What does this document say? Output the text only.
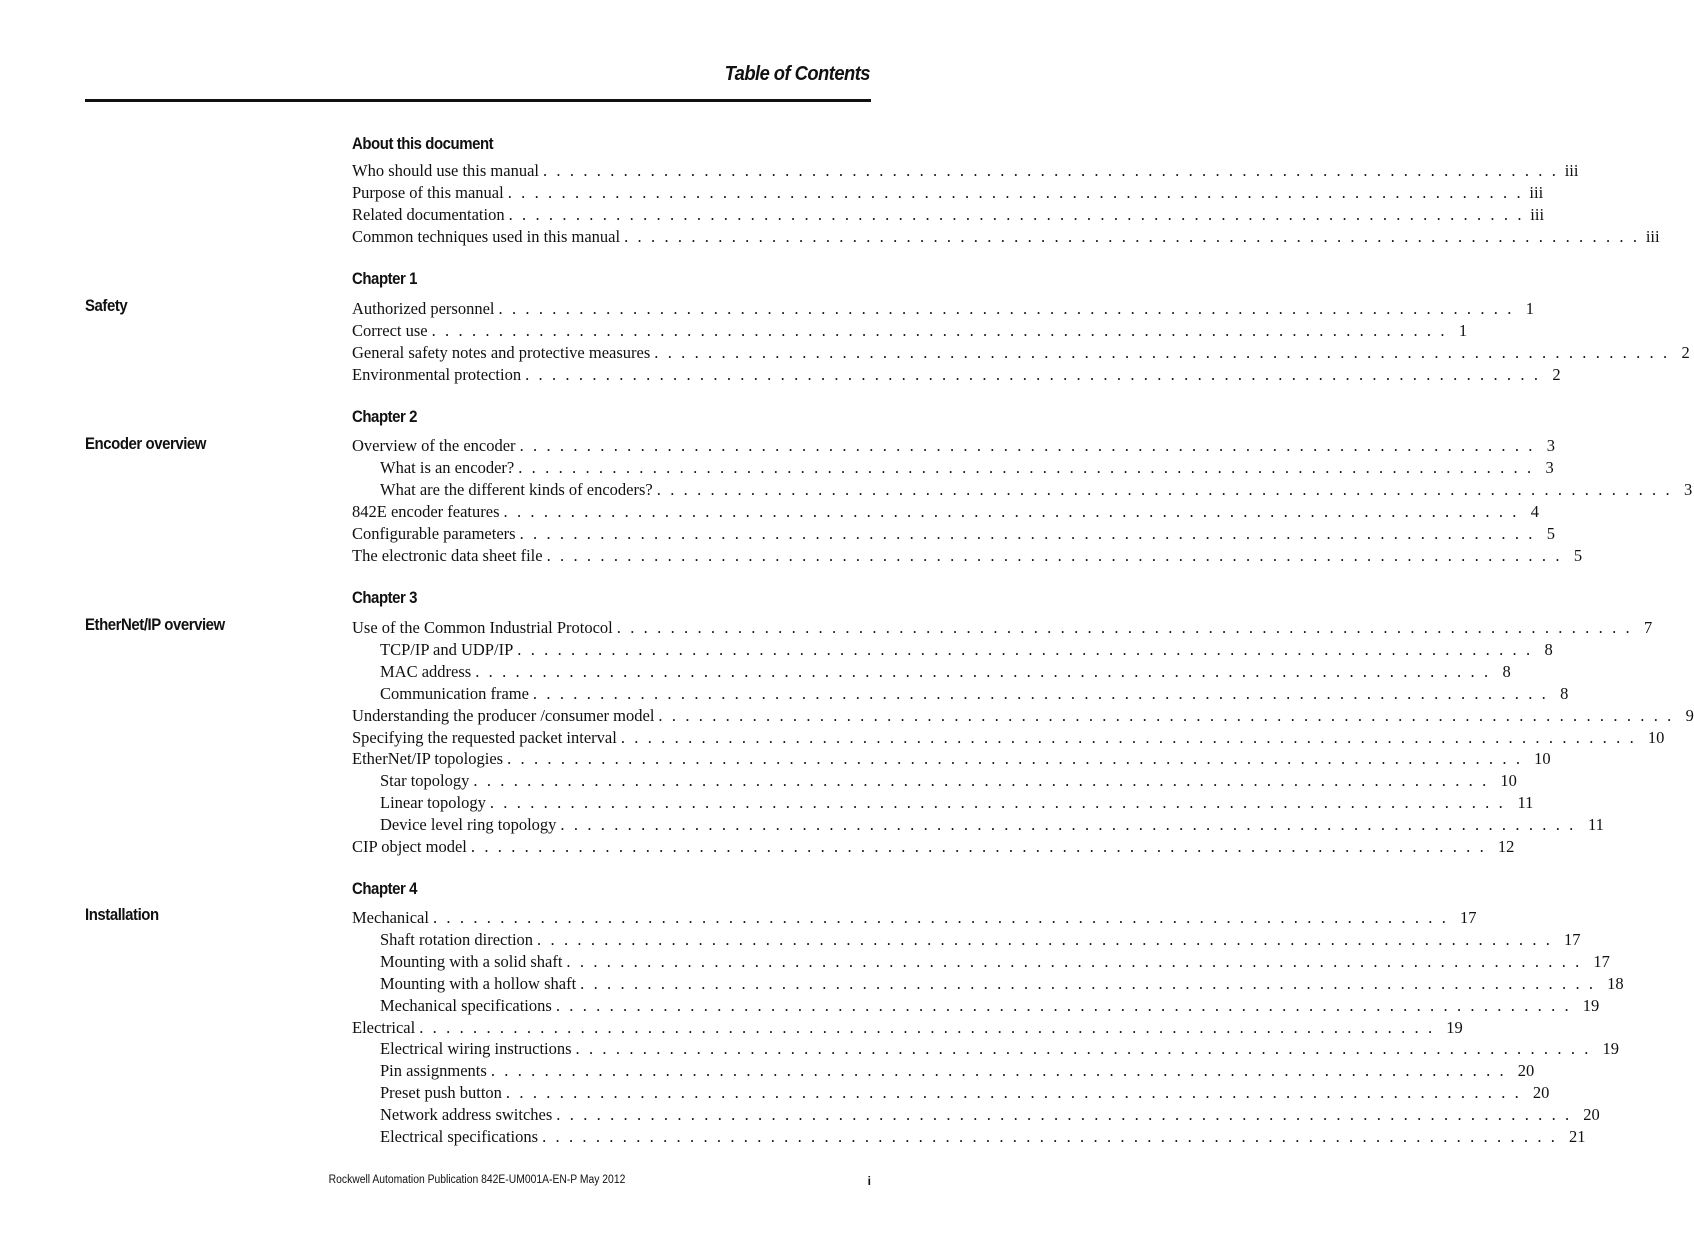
Table of Contents
About this document
Who should use this manual . . . . . . . . . . . . . . . . . . . . . . . . . . . . . . . . . . . . . . . . . . . . . . . . . . . . . . . . . . . . . . . . . . . . . . . . . . . . iii
Purpose of this manual . . . . . . . . . . . . . . . . . . . . . . . . . . . . . . . . . . . . . . . . . . . . . . . . . . . . . . . . . . . . . . . . . . . . . . . . . . . . iii
Related documentation . . . . . . . . . . . . . . . . . . . . . . . . . . . . . . . . . . . . . . . . . . . . . . . . . . . . . . . . . . . . . . . . . . . . . . . . . . . . iii
Common techniques used in this manual . . . . . . . . . . . . . . . . . . . . . . . . . . . . . . . . . . . . . . . . . . . . . . . . . . . . . . . . . . . . . . . . . . . . . . . . . . . . iii
Chapter 1
Safety	Authorized personnel . . . . . . . . . . . . . . . . . . . . . . . . . . . . . . . . . . . . . . . . . . . . . . . . . . . . . . . . . . . . . . . . . . . . . . . . . . . . 1
Correct use . . . . . . . . . . . . . . . . . . . . . . . . . . . . . . . . . . . . . . . . . . . . . . . . . . . . . . . . . . . . . . . . . . . . . . . . . . . . 1
General safety notes and protective measures . . . . . . . . . . . . . . . . . . . . . . . . . . . . . . . . . . . . . . . . . . . . . . . . . . . . . . . . . . . . . . . . . . . . . . . . . . . . 2
Environmental protection . . . . . . . . . . . . . . . . . . . . . . . . . . . . . . . . . . . . . . . . . . . . . . . . . . . . . . . . . . . . . . . . . . . . . . . . . . . . 2
Chapter 2
Encoder overview	Overview of the encoder . . . . . . . . . . . . . . . . . . . . . . . . . . . . . . . . . . . . . . . . . . . . . . . . . . . . . . . . . . . . . . . . . . . . . . . . . . . . 3
What is an encoder? . . . . . . . . . . . . . . . . . . . . . . . . . . . . . . . . . . . . . . . . . . . . . . . . . . . . . . . . . . . . . . . . . . . . . . . . . . . . 3
What are the different kinds of encoders? . . . . . . . . . . . . . . . . . . . . . . . . . . . . . . . . . . . . . . . . . . . . . . . . . . . . . . . . . . . . . . . . . . . . . . . . . . . . 3
842E encoder features . . . . . . . . . . . . . . . . . . . . . . . . . . . . . . . . . . . . . . . . . . . . . . . . . . . . . . . . . . . . . . . . . . . . . . . . . . . . 4
Configurable parameters . . . . . . . . . . . . . . . . . . . . . . . . . . . . . . . . . . . . . . . . . . . . . . . . . . . . . . . . . . . . . . . . . . . . . . . . . . . . 5
The electronic data sheet file . . . . . . . . . . . . . . . . . . . . . . . . . . . . . . . . . . . . . . . . . . . . . . . . . . . . . . . . . . . . . . . . . . . . . . . . . . . . 5
Chapter 3
EtherNet/IP overview	Use of the Common Industrial Protocol . . . . . . . . . . . . . . . . . . . . . . . . . . . . . . . . . . . . . . . . . . . . . . . . . . . . . . . . . . . . . . . . . . . . . . . . . . . . 7
TCP/IP and UDP/IP . . . . . . . . . . . . . . . . . . . . . . . . . . . . . . . . . . . . . . . . . . . . . . . . . . . . . . . . . . . . . . . . . . . . . . . . . . . . 8
MAC address . . . . . . . . . . . . . . . . . . . . . . . . . . . . . . . . . . . . . . . . . . . . . . . . . . . . . . . . . . . . . . . . . . . . . . . . . . . . 8
Communication frame . . . . . . . . . . . . . . . . . . . . . . . . . . . . . . . . . . . . . . . . . . . . . . . . . . . . . . . . . . . . . . . . . . . . . . . . . . . . 8
Understanding the producer /consumer model . . . . . . . . . . . . . . . . . . . . . . . . . . . . . . . . . . . . . . . . . . . . . . . . . . . . . . . . . . . . . . . . . . . . . . . . . . . . 9
Specifying the requested packet interval . . . . . . . . . . . . . . . . . . . . . . . . . . . . . . . . . . . . . . . . . . . . . . . . . . . . . . . . . . . . . . . . . . . . . . . . . . . . 10
EtherNet/IP topologies . . . . . . . . . . . . . . . . . . . . . . . . . . . . . . . . . . . . . . . . . . . . . . . . . . . . . . . . . . . . . . . . . . . . . . . . . . . . 10
Star topology . . . . . . . . . . . . . . . . . . . . . . . . . . . . . . . . . . . . . . . . . . . . . . . . . . . . . . . . . . . . . . . . . . . . . . . . . . . . 10
Linear topology . . . . . . . . . . . . . . . . . . . . . . . . . . . . . . . . . . . . . . . . . . . . . . . . . . . . . . . . . . . . . . . . . . . . . . . . . . . . 11
Device level ring topology . . . . . . . . . . . . . . . . . . . . . . . . . . . . . . . . . . . . . . . . . . . . . . . . . . . . . . . . . . . . . . . . . . . . . . . . . . . . 11
CIP object model . . . . . . . . . . . . . . . . . . . . . . . . . . . . . . . . . . . . . . . . . . . . . . . . . . . . . . . . . . . . . . . . . . . . . . . . . . . . 12
Chapter 4
Installation	Mechanical . . . . . . . . . . . . . . . . . . . . . . . . . . . . . . . . . . . . . . . . . . . . . . . . . . . . . . . . . . . . . . . . . . . . . . . . . . . . 17
Shaft rotation direction . . . . . . . . . . . . . . . . . . . . . . . . . . . . . . . . . . . . . . . . . . . . . . . . . . . . . . . . . . . . . . . . . . . . . . . . . . . . 17
Mounting with a solid shaft . . . . . . . . . . . . . . . . . . . . . . . . . . . . . . . . . . . . . . . . . . . . . . . . . . . . . . . . . . . . . . . . . . . . . . . . . . . . 17
Mounting with a hollow shaft . . . . . . . . . . . . . . . . . . . . . . . . . . . . . . . . . . . . . . . . . . . . . . . . . . . . . . . . . . . . . . . . . . . . . . . . . . . . 18
Mechanical specifications . . . . . . . . . . . . . . . . . . . . . . . . . . . . . . . . . . . . . . . . . . . . . . . . . . . . . . . . . . . . . . . . . . . . . . . . . . . . 19
Electrical . . . . . . . . . . . . . . . . . . . . . . . . . . . . . . . . . . . . . . . . . . . . . . . . . . . . . . . . . . . . . . . . . . . . . . . . . . . . 19
Electrical wiring instructions . . . . . . . . . . . . . . . . . . . . . . . . . . . . . . . . . . . . . . . . . . . . . . . . . . . . . . . . . . . . . . . . . . . . . . . . . . . . 19
Pin assignments . . . . . . . . . . . . . . . . . . . . . . . . . . . . . . . . . . . . . . . . . . . . . . . . . . . . . . . . . . . . . . . . . . . . . . . . . . . . 20
Preset push button . . . . . . . . . . . . . . . . . . . . . . . . . . . . . . . . . . . . . . . . . . . . . . . . . . . . . . . . . . . . . . . . . . . . . . . . . . . . 20
Network address switches . . . . . . . . . . . . . . . . . . . . . . . . . . . . . . . . . . . . . . . . . . . . . . . . . . . . . . . . . . . . . . . . . . . . . . . . . . . . 20
Electrical specifications . . . . . . . . . . . . . . . . . . . . . . . . . . . . . . . . . . . . . . . . . . . . . . . . . . . . . . . . . . . . . . . . . . . . . . . . . . . . 21
Rockwell Automation Publication 842E-UM001A-EN-P May 2012	i
